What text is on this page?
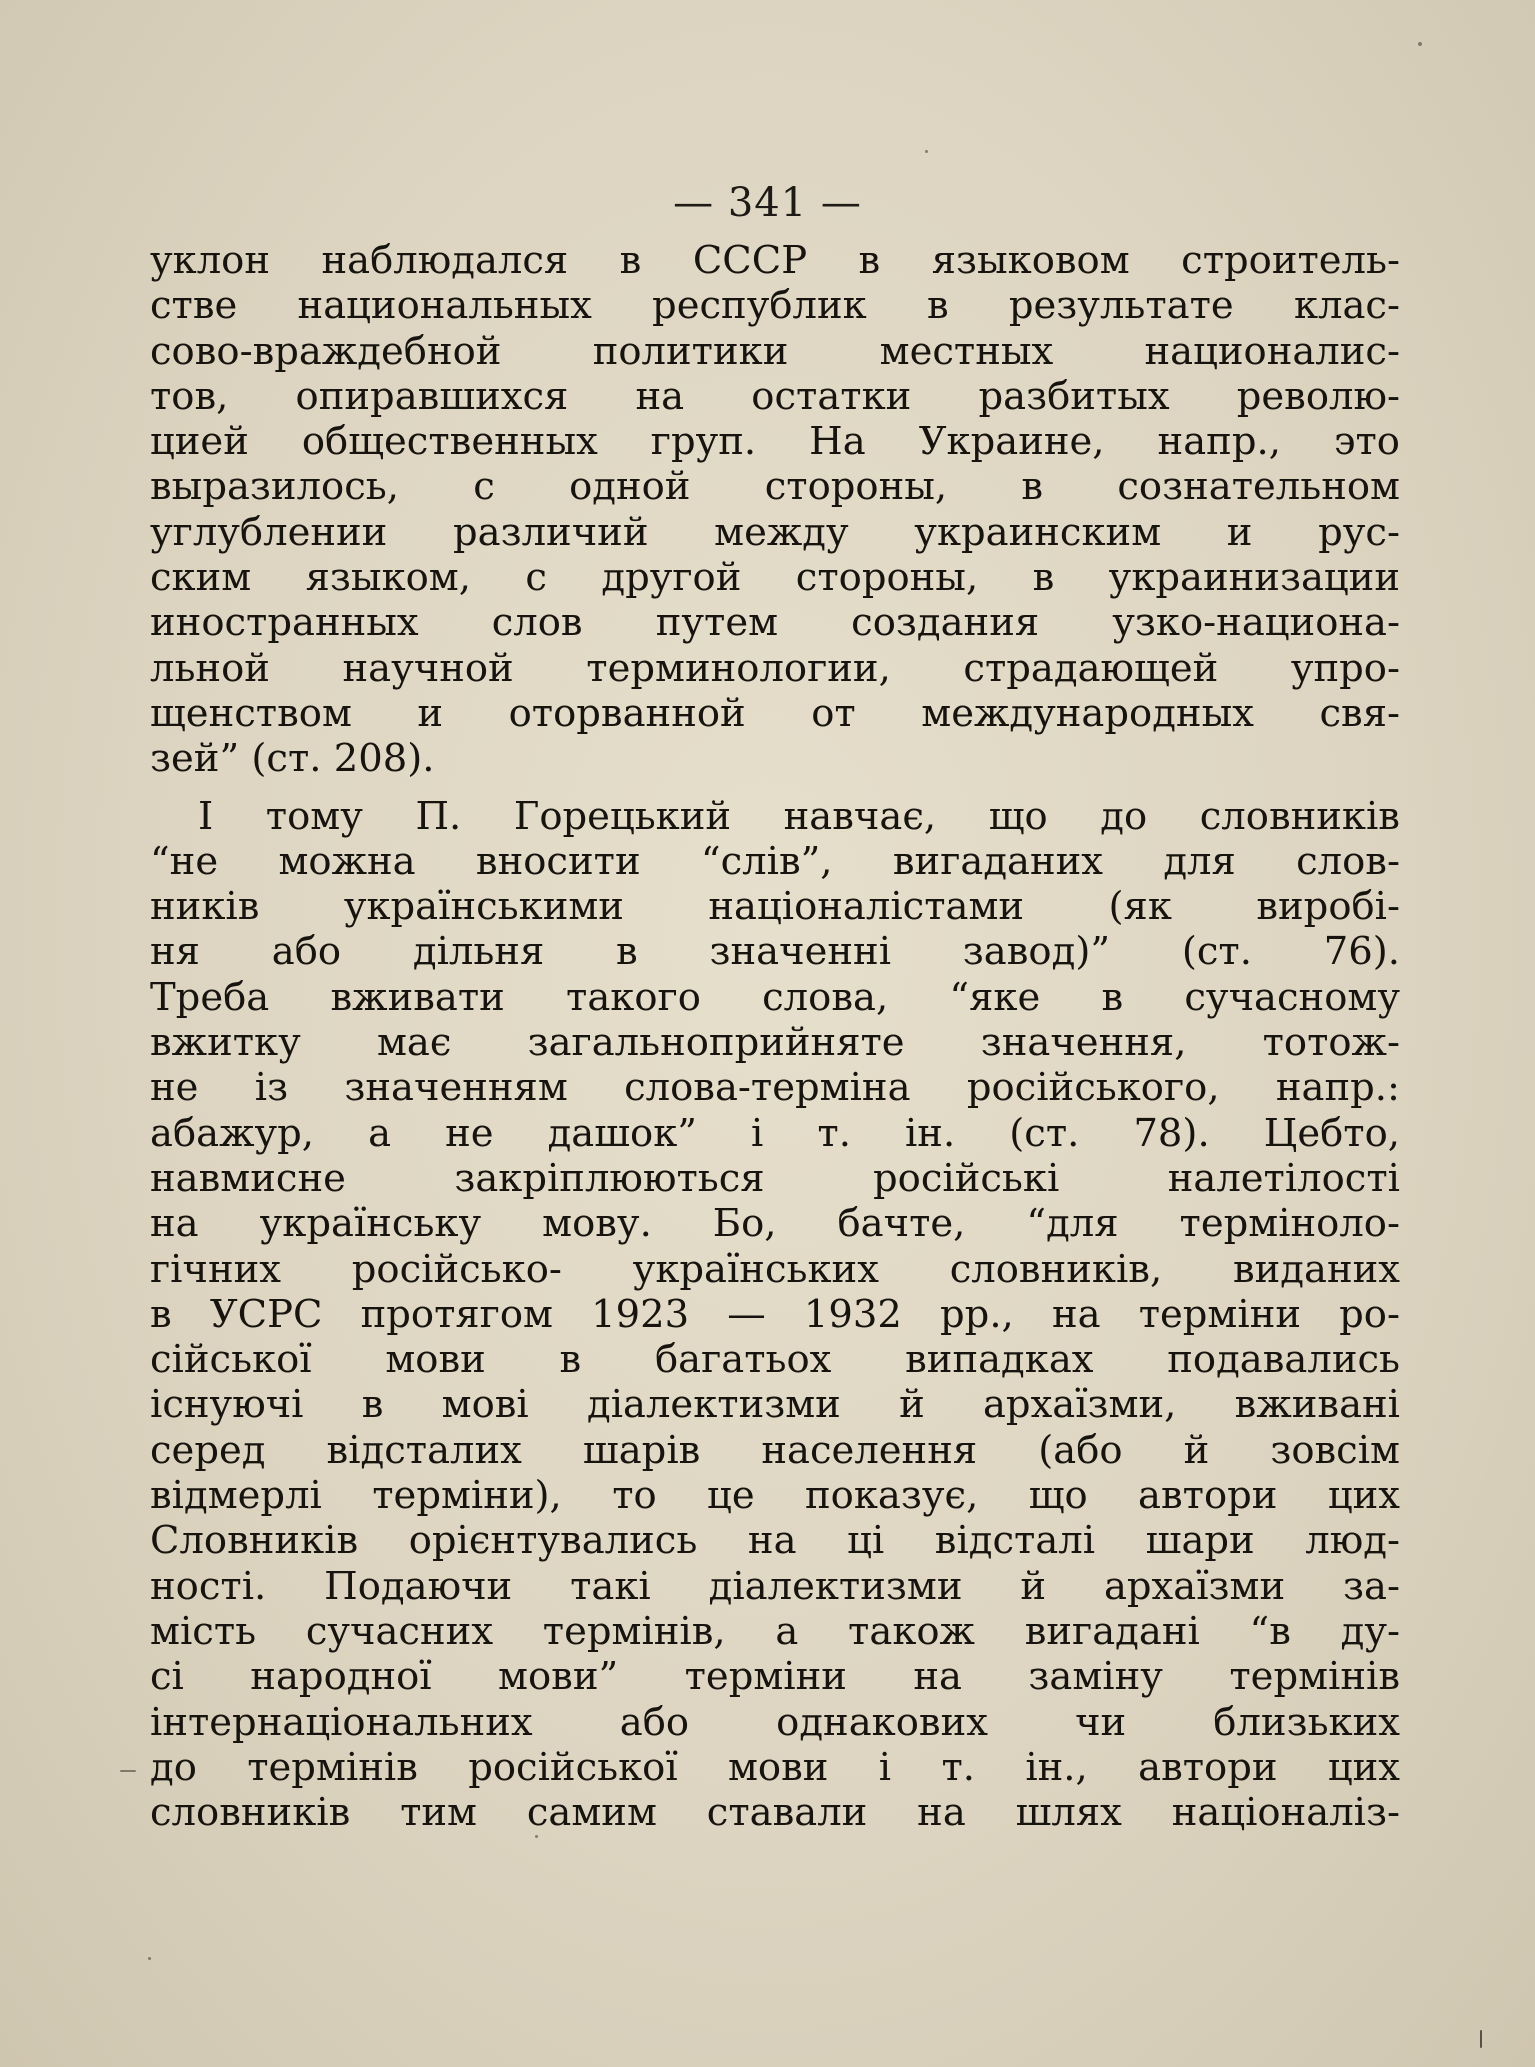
— 341 —
уклон наблюдался в СССР в языковом строитель-
стве национальных республик в результате клас-
сово-враждебной политики местных националис-
тов, опиравшихся на остатки разбитых револю-
цией общественных груп. На Украине, напр., это
выразилось, с одной стороны, в сознательном
углублении различий между украинским и рус-
ским языком, с другой стороны, в украинизации
иностранных слов путем создания узко-национа-
льной научной терминологии, страдающей упро-
щенством и оторванной от международных свя-
зей” (ст. 208).
І тому П. Горецький навчає, що до словників
“не можна вносити “слів”, вигаданих для слов-
ників українськими націоналістами (як виробі-
ня або дільня в значенні завод)” (ст. 76).
Треба вживати такого слова, “яке в сучасному
вжитку має загальноприйняте значення, тотож-
не із значенням слова-терміна російського, напр.:
абажур, а не дашок” і т. ін. (ст. 78). Цебто,
навмисне закріплюються російські налетілості
на українську мову. Бо, бачте, “для терміноло-
гічних російсько- українських словників, виданих
в УСРС протягом 1923 — 1932 рр., на терміни ро-
сійської мови в багатьох випадках подавались
існуючі в мові діалектизми й архаїзми, вживані
серед відсталих шарів населення (або й зовсім
відмерлі терміни), то це показує, що автори цих
Словників орієнтувались на ці відсталі шари люд-
ності. Подаючи такі діалектизми й архаїзми за-
мість сучасних термінів, а також вигадані “в ду-
сі народної мови” терміни на заміну термінів
інтернаціональних або однакових чи близьких
до термінів російської мови і т. ін., автори цих
словників тим самим ставали на шлях націоналіз-
